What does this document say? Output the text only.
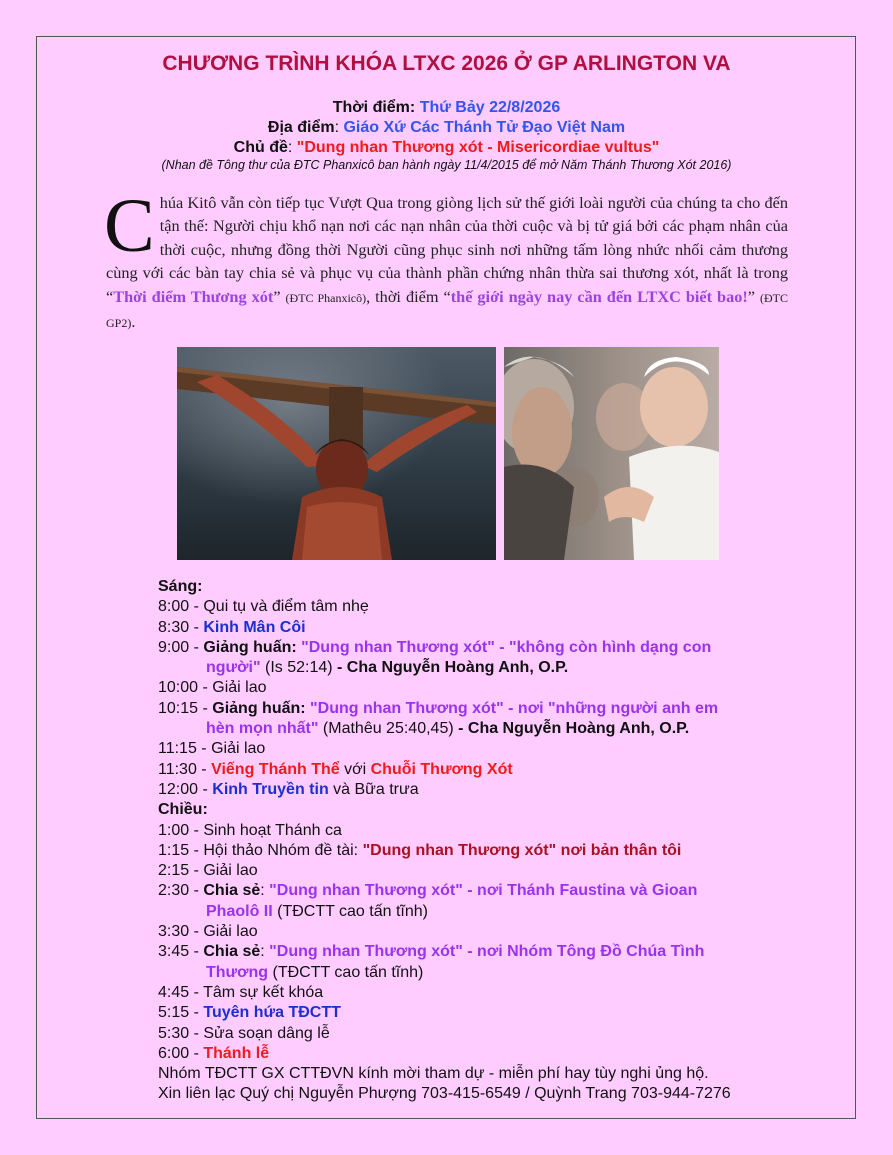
CHƯƠNG TRÌNH KHÓA LTXC 2026 Ở GP ARLINGTON VA
Thời điểm: Thứ Bảy 22/8/2026
Địa điểm: Giáo Xứ Các Thánh Tử Đạo Việt Nam
Chủ đề: "Dung nhan Thương xót - Misericordiae vultus"
(Nhan đề Tông thư của ĐTC Phanxicô ban hành ngày 11/4/2015 để mở Năm Thánh Thương Xót 2016)
Chúa Kitô vẫn còn tiếp tục Vượt Qua trong giòng lịch sử thế giới loài người của chúng ta cho đến tận thế: Người chịu khổ nạn nơi các nạn nhân của thời cuộc và bị tử giá bởi các phạm nhân của thời cuộc, nhưng đồng thời Người cũng phục sinh nơi những tấm lòng nhức nhối cảm thương cùng với các bàn tay chia sẻ và phục vụ của thành phần chứng nhân thừa sai thương xót, nhất là trong “Thời điểm Thương xót” (ĐTC Phanxicô), thời điểm “thế giới ngày nay cần đến LTXC biết bao!” (ĐTC GP2).
Sáng:
8:00 - Qui tụ và điểm tâm nhẹ
8:30 - Kinh Mân Côi
9:00 - Giảng huấn: "Dung nhan Thương xót" - "không còn hình dạng con
người" (Is 52:14) - Cha Nguyễn Hoàng Anh, O.P.
10:00 - Giải lao
10:15 - Giảng huấn: "Dung nhan Thương xót" - nơi "những người anh em
hèn mọn nhất" (Mathêu 25:40,45) - Cha Nguyễn Hoàng Anh, O.P.
11:15 - Giải lao
11:30 - Viếng Thánh Thể với Chuỗi Thương Xót
12:00 - Kinh Truyền tin và Bữa trưa
Chiều:
1:00 - Sinh hoạt Thánh ca
1:15 - Hội thảo Nhóm đề tài: "Dung nhan Thương xót" nơi bản thân tôi
2:15 - Giải lao
2:30 - Chia sẻ: "Dung nhan Thương xót" - nơi Thánh Faustina và Gioan
Phaolô II (TĐCTT cao tấn tĩnh)
3:30 - Giải lao
3:45 - Chia sẻ: "Dung nhan Thương xót" - nơi Nhóm Tông Đồ Chúa Tình
Thương (TĐCTT cao tấn tĩnh)
4:45 - Tâm sự kết khóa
5:15 - Tuyên hứa TĐCTT
5:30 - Sửa soạn dâng lễ
6:00 - Thánh lễ
Nhóm TĐCTT GX CTTĐVN kính mời tham dự - miễn phí hay tùy nghi ủng hộ.
Xin liên lạc Quý chị Nguyễn Phượng 703-415-6549 / Quỳnh Trang 703-944-7276
